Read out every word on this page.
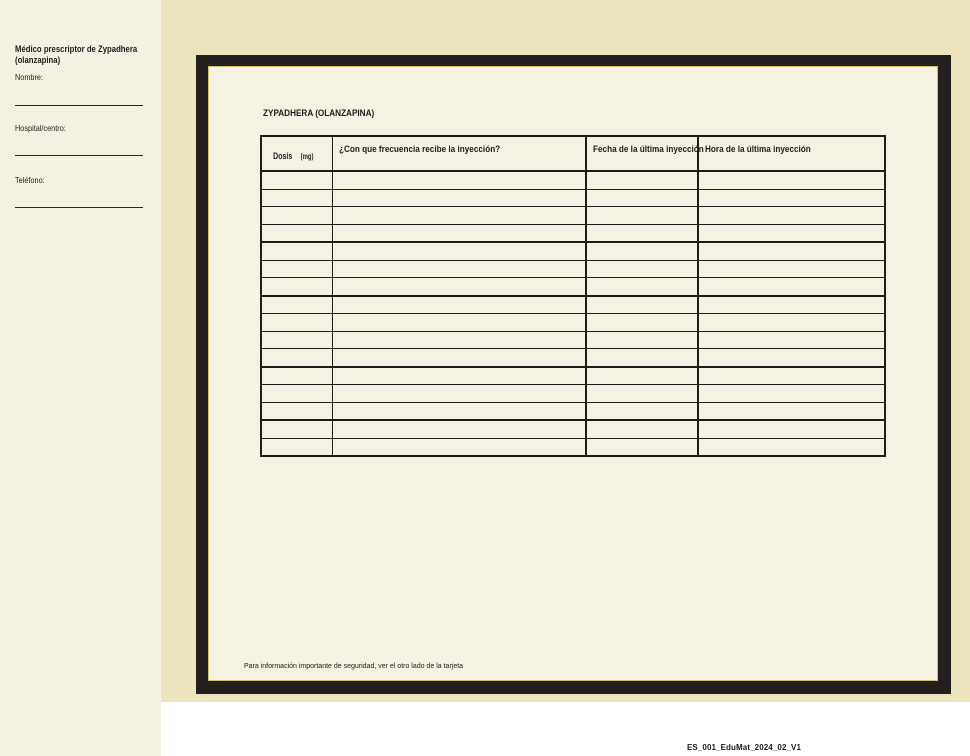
Médico prescriptor de Zypadhera
(olanzapina)
Nombre:
Hospital/centro:
Teléfono:
ZYPADHERA (OLANZAPINA)
Dosis (mg)	¿Con que frecuencia recibe la inyección?	Fecha de la última inyección	Hora de la última inyección

Para información importante de seguridad, ver el otro lado de la tarjeta
ES_001_EduMat_2024_02_V1
